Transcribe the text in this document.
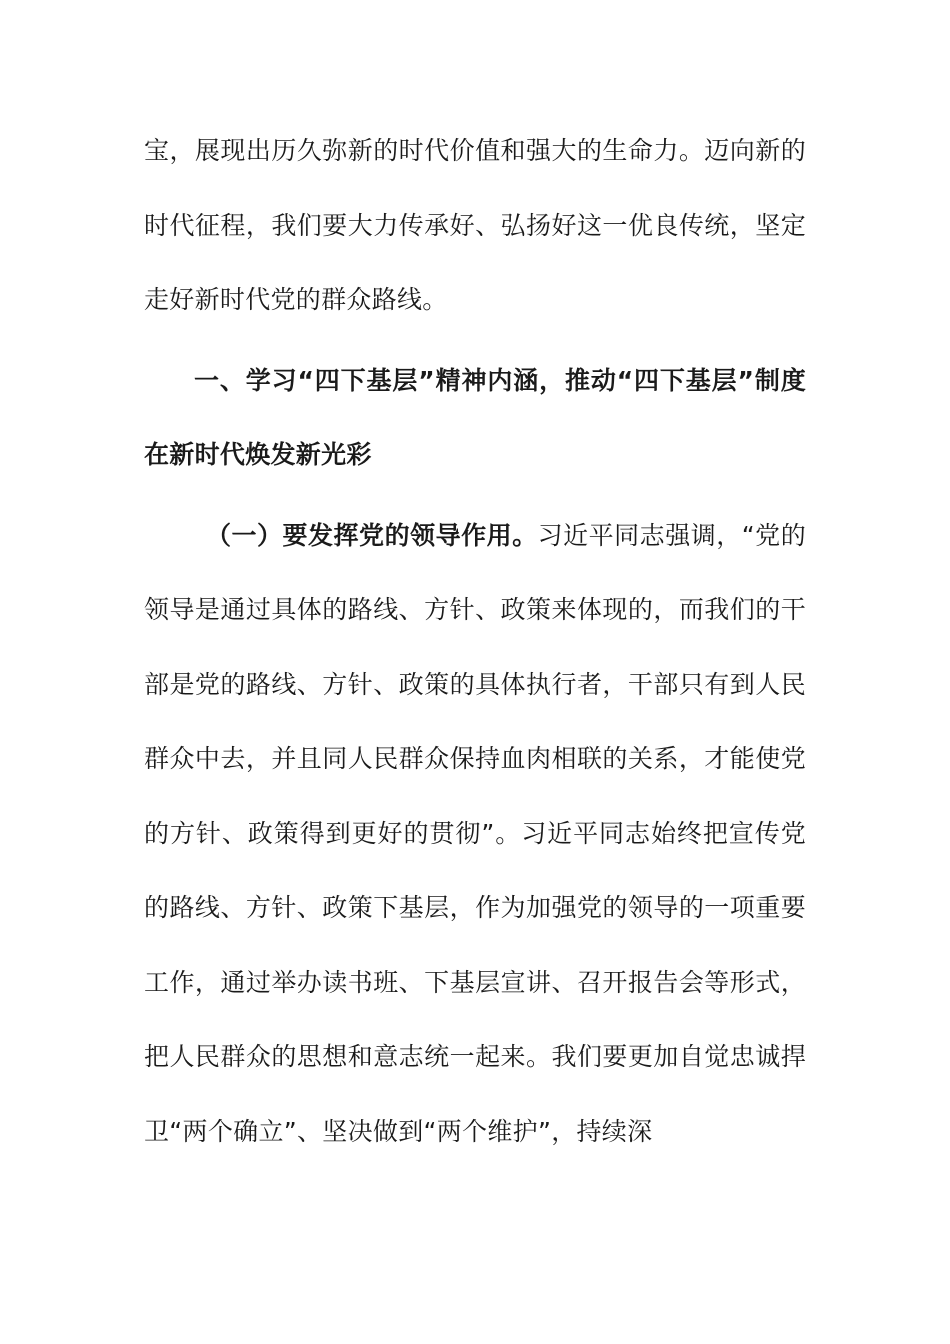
宝，展现出历久弥新的时代价值和强大的生命力。迈向新的时代征程，我们要大力传承好、弘扬好这一优良传统，坚定走好新时代党的群众路线。

一、学习“四下基层”精神内涵，推动“四下基层”制度在新时代焕发新光彩

（一）要发挥党的领导作用。习近平同志强调，“党的领导是通过具体的路线、方针、政策来体现的，而我们的干部是党的路线、方针、政策的具体执行者，干部只有到人民群众中去，并且同人民群众保持血肉相联的关系，才能使党的方针、政策得到更好的贯彻”。习近平同志始终把宣传党的路线、方针、政策下基层，作为加强党的领导的一项重要工作，通过举办读书班、下基层宣讲、召开报告会等形式，把人民群众的思想和意志统一起来。我们要更加自觉忠诚捍卫“两个确立”、坚决做到“两个维护”，持续深
